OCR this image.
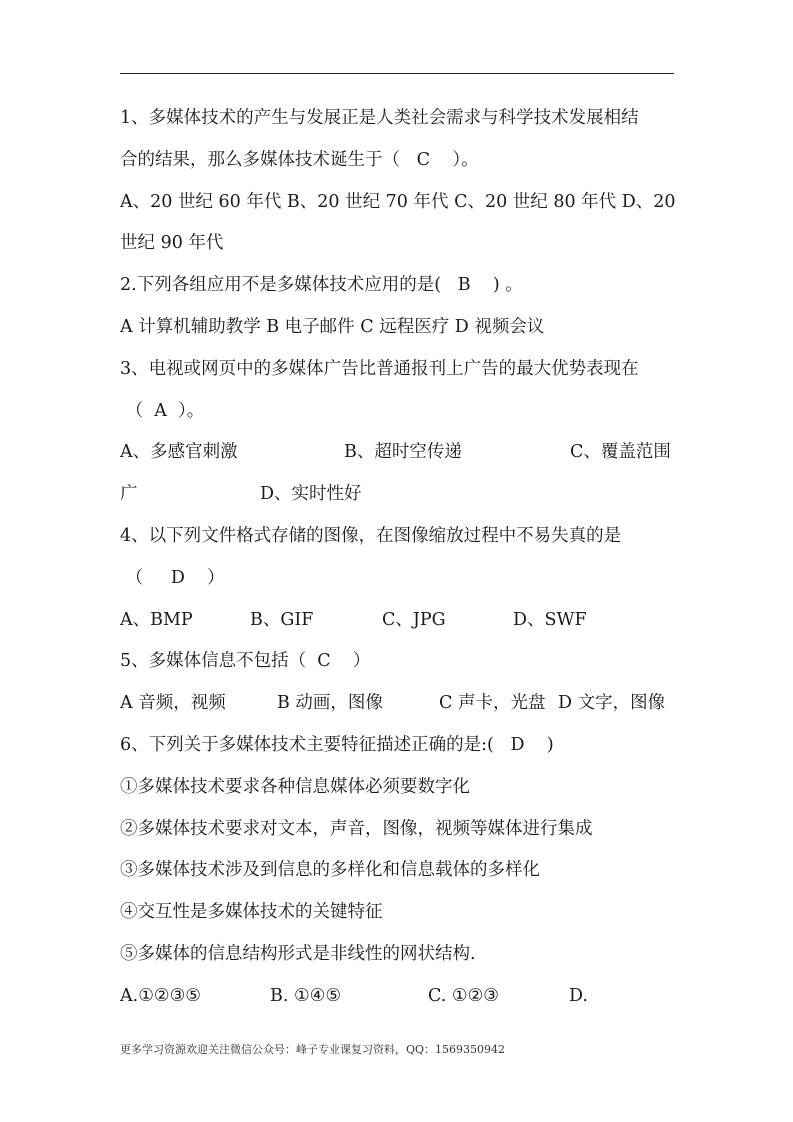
1、多媒体技术的产生与发展正是人类社会需求与科学技术发展相结
合的结果，那么多媒体技术诞生于（   C    ）。
A、20 世纪 60 年代 B、20 世纪 70 年代 C、20 世纪 80 年代 D、20
世纪 90 年代
2.下列各组应用不是多媒体技术应用的是(   B    ) 。
A 计算机辅助教学 B 电子邮件 C 远程医疗 D 视频会议
3、电视或网页中的多媒体广告比普通报刊上广告的最大优势表现在
（  A  ）。

A、多感官刺激

	B、超时空传递

	C、覆盖范围

广

	D、实时性好

4、以下列文件格式存储的图像，在图像缩放过程中不易失真的是
（     D    ）

A、BMP

	B、GIF

	C、JPG

	D、SWF

5、多媒体信息不包括（  C    ）

A 音频，视频

	B 动画，图像

	C 声卡，光盘

D 文字，图像

6、下列关于多媒体技术主要特征描述正确的是:(   D    )
①多媒体技术要求各种信息媒体必须要数字化
②多媒体技术要求对文本，声音，图像，视频等媒体进行集成
③多媒体技术涉及到信息的多样化和信息载体的多样化
④交互性是多媒体技术的关键特征
⑤多媒体的信息结构形式是非线性的网状结构.

A.①②③⑤

	B. ①④⑤

	C. ①②③

	D.

更多学习资源欢迎关注微信公众号：峰子专业课复习资料，QQ：1569350942
